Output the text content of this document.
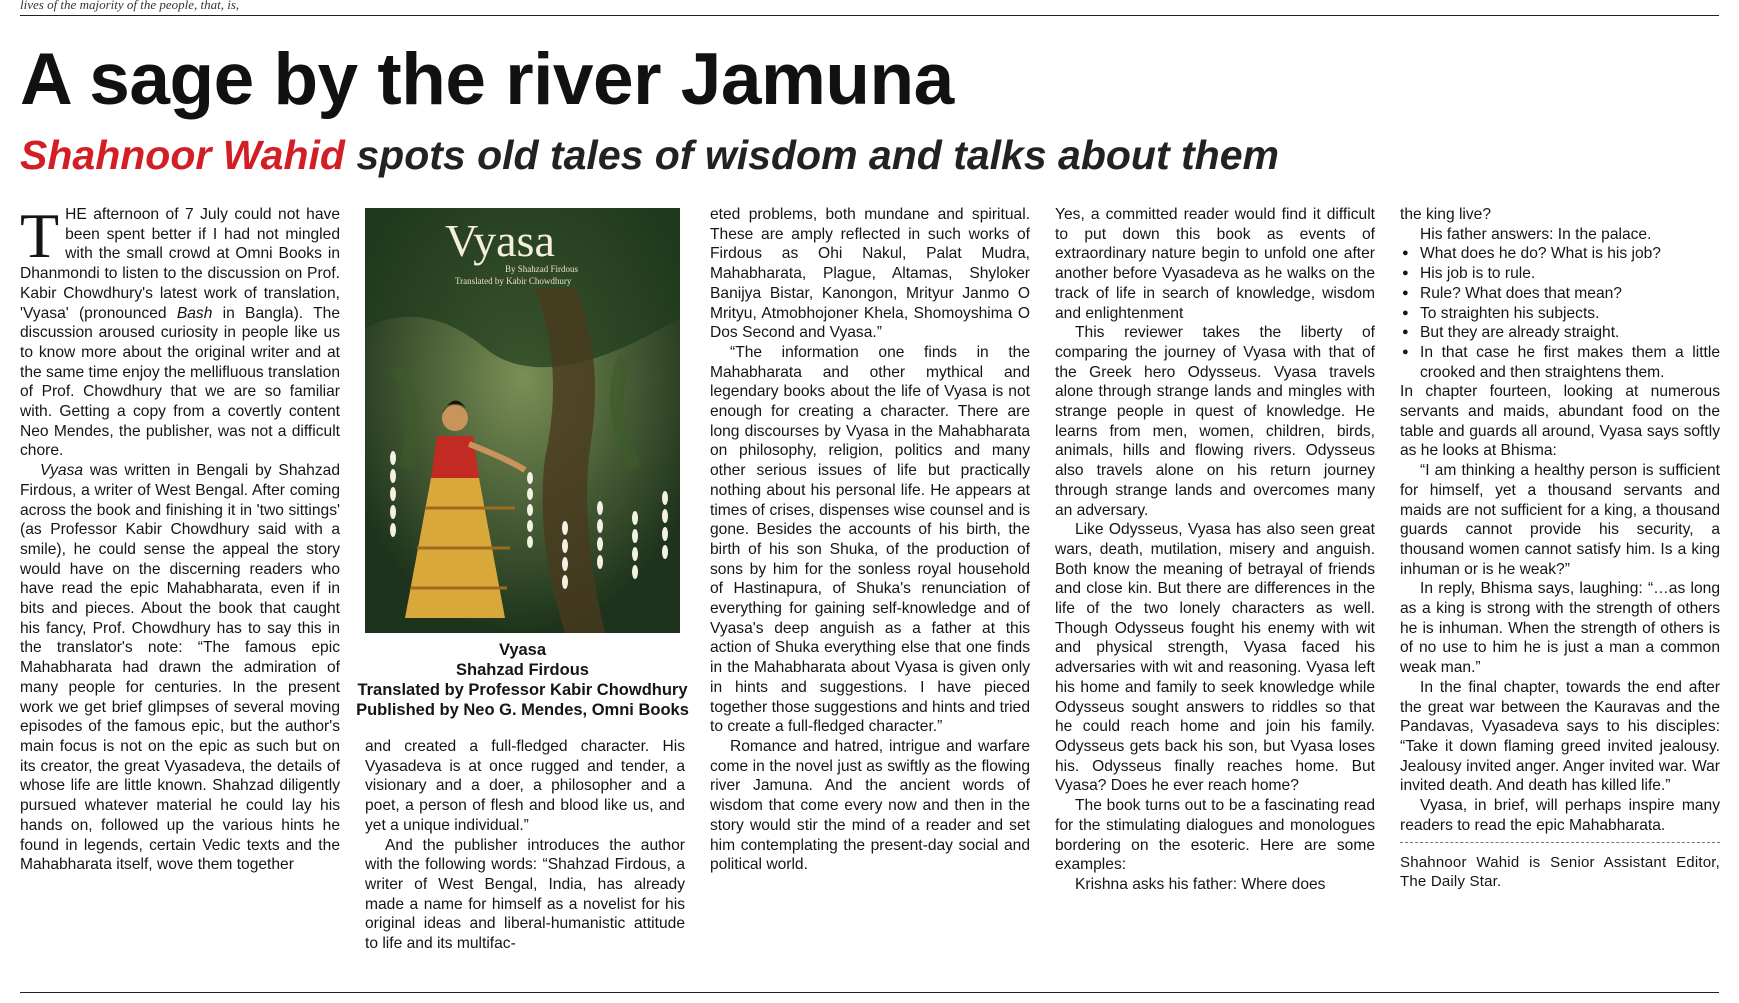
lives of the majority of the people, that, is,
A sage by the river Jamuna
Shahnoor Wahid spots old tales of wisdom and talks about them

THE afternoon of 7 July could not have been spent better if I had not mingled with the small crowd at Omni Books in Dhanmondi to listen to the discussion on Prof. Kabir Chowdhury's latest work of translation, 'Vyasa' (pronounced Bash in Bangla). The discussion aroused curiosity in people like us to know more about the original writer and at the same time enjoy the mellifluous translation of Prof. Chowdhury that we are so familiar with. Getting a copy from a covertly content Neo Mendes, the publisher, was not a difficult chore.

Vyasa was written in Bengali by Shahzad Firdous, a writer of West Bengal. After coming across the book and finishing it in 'two sittings' (as Professor Kabir Chowdhury said with a smile), he could sense the appeal the story would have on the discerning readers who have read the epic Mahabharata, even if in bits and pieces. About the book that caught his fancy, Prof. Chowdhury has to say this in the translator's note: “The famous epic Mahabharata had drawn the admiration of many people for centuries. In the present work we get brief glimpses of several moving episodes of the famous epic, but the author's main focus is not on the epic as such but on its creator, the great Vyasadeva, the details of whose life are little known. Shahzad diligently pursued whatever material he could lay his hands on, followed up the various hints he found in legends, certain Vedic texts and the Mahabharata itself, wove them together

Vyasa
By Shahzad Firdous
Translated by Kabir Chowdhury
Vyasa
Shahzad Firdous
Translated by Professor Kabir Chowdhury
Published by Neo G. Mendes, Omni Books

and created a full-fledged character. His Vyasadeva is at once rugged and tender, a visionary and a doer, a philosopher and a poet, a person of flesh and blood like us, and yet a unique individual.”

And the publisher introduces the author with the following words: “Shahzad Firdous, a writer of West Bengal, India, has already made a name for himself as a novelist for his original ideas and liberal-humanistic attitude to life and its multifac-

eted problems, both mundane and spiritual. These are amply reflected in such works of Firdous as Ohi Nakul, Palat Mudra, Mahabharata, Plague, Altamas, Shyloker Banijya Bistar, Kanongon, Mrityur Janmo O Mrityu, Atmobhojoner Khela, Shomoyshima O Dos Second and Vyasa.”

“The information one finds in the Mahabharata and other mythical and legendary books about the life of Vyasa is not enough for creating a character. There are long discourses by Vyasa in the Mahabharata on philosophy, religion, politics and many other serious issues of life but practically nothing about his personal life. He appears at times of crises, dispenses wise counsel and is gone. Besides the accounts of his birth, the birth of his son Shuka, of the production of sons by him for the sonless royal household of Hastinapura, of Shuka's renunciation of everything for gaining self-knowledge and of Vyasa's deep anguish as a father at this action of Shuka everything else that one finds in the Mahabharata about Vyasa is given only in hints and suggestions. I have pieced together those suggestions and hints and tried to create a full-fledged character.”

Romance and hatred, intrigue and warfare come in the novel just as swiftly as the flowing river Jamuna. And the ancient words of wisdom that come every now and then in the story would stir the mind of a reader and set him contemplating the present-day social and political world.

Yes, a committed reader would find it difficult to put down this book as events of extraordinary nature begin to unfold one after another before Vyasadeva as he walks on the track of life in search of knowledge, wisdom and enlightenment

This reviewer takes the liberty of comparing the journey of Vyasa with that of the Greek hero Odysseus. Vyasa travels alone through strange lands and mingles with strange people in quest of knowledge. He learns from men, women, children, birds, animals, hills and flowing rivers. Odysseus also travels alone on his return journey through strange lands and overcomes many an adversary.

Like Odysseus, Vyasa has also seen great wars, death, mutilation, misery and anguish. Both know the meaning of betrayal of friends and close kin. But there are differences in the life of the two lonely characters as well. Though Odysseus fought his enemy with wit and physical strength, Vyasa faced his adversaries with wit and reasoning. Vyasa left his home and family to seek knowledge while Odysseus sought answers to riddles so that he could reach home and join his family. Odysseus gets back his son, but Vyasa loses his. Odysseus finally reaches home. But Vyasa? Does he ever reach home?

The book turns out to be a fascinating read for the stimulating dialogues and monologues bordering on the esoteric. Here are some examples:

Krishna asks his father: Where does

the king live?

His father answers: In the palace.

● What does he do? What is his job?
● His job is to rule.
● Rule? What does that mean?
● To straighten his subjects.
● But they are already straight.
● In that case he first makes them a little crooked and then straightens them.

In chapter fourteen, looking at numerous servants and maids, abundant food on the table and guards all around, Vyasa says softly as he looks at Bhisma:

“I am thinking a healthy person is sufficient for himself, yet a thousand servants and maids are not sufficient for a king, a thousand guards cannot provide his security, a thousand women cannot satisfy him. Is a king inhuman or is he weak?”

In reply, Bhisma says, laughing: “…as long as a king is strong with the strength of others he is inhuman. When the strength of others is of no use to him he is just a man a common weak man.”

In the final chapter, towards the end after the great war between the Kauravas and the Pandavas, Vyasadeva says to his disciples: “Take it down flaming greed invited jealousy. Jealousy invited anger. Anger invited war. War invited death. And death has killed life.”

Vyasa, in brief, will perhaps inspire many readers to read the epic Mahabharata.

Shahnoor Wahid is Senior Assistant Editor, The Daily Star.
